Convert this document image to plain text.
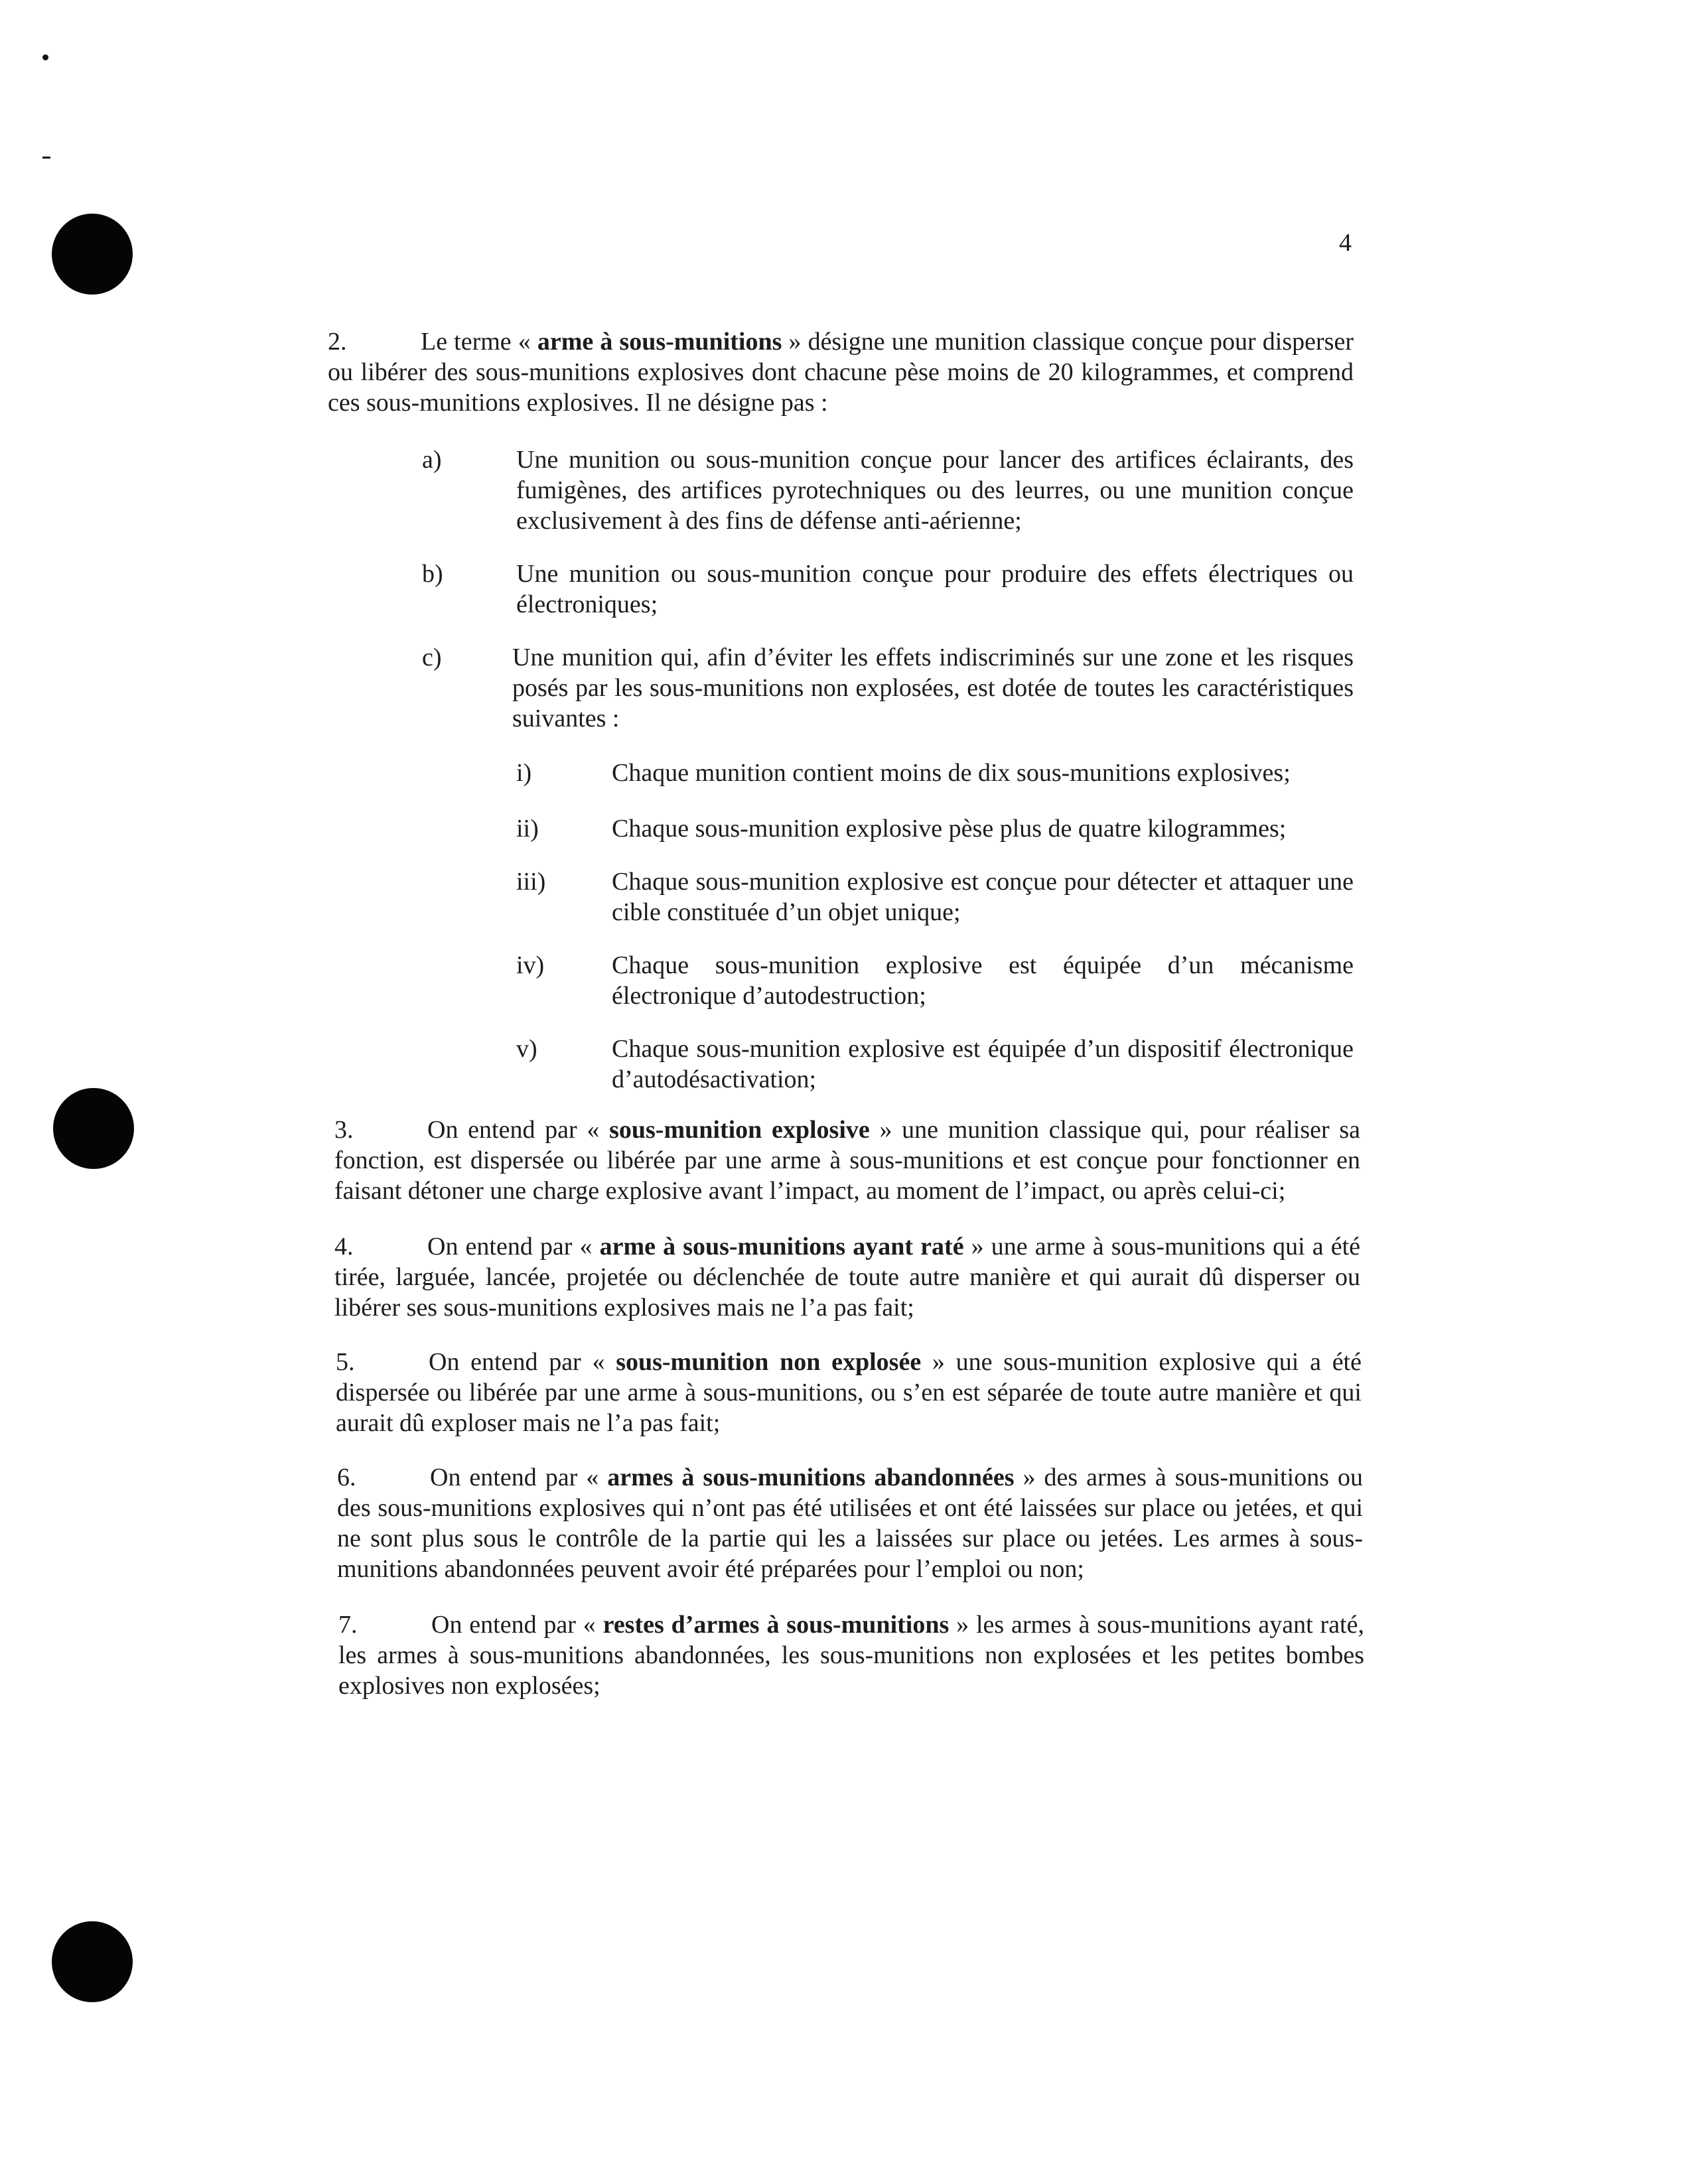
4

2.	Le terme « arme à sous-munitions » désigne une munition classique conçue pour disperser ou libérer des sous-munitions explosives dont chacune pèse moins de 20 kilogrammes, et comprend ces sous-munitions explosives. Il ne désigne pas :

a)	Une munition ou sous-munition conçue pour lancer des artifices éclairants, des fumigènes, des artifices pyrotechniques ou des leurres, ou une munition conçue exclusivement à des fins de défense anti-aérienne;

b)	Une munition ou sous-munition conçue pour produire des effets électriques ou électroniques;

c)	Une munition qui, afin d’éviter les effets indiscriminés sur une zone et les risques posés par les sous-munitions non explosées, est dotée de toutes les caractéristiques suivantes :

i)	Chaque munition contient moins de dix sous-munitions explosives;

ii)	Chaque sous-munition explosive pèse plus de quatre kilogrammes;

iii)	Chaque sous-munition explosive est conçue pour détecter et attaquer une cible constituée d’un objet unique;

iv)	Chaque sous-munition explosive est équipée d’un mécanisme électronique d’autodestruction;

v)	Chaque sous-munition explosive est équipée d’un dispositif électronique d’autodésactivation;

3.	On entend par « sous-munition explosive » une munition classique qui, pour réaliser sa fonction, est dispersée ou libérée par une arme à sous-munitions et est conçue pour fonctionner en faisant détoner une charge explosive avant l’impact, au moment de l’impact, ou après celui-ci;

4.	On entend par « arme à sous-munitions ayant raté » une arme à sous-munitions qui a été tirée, larguée, lancée, projetée ou déclenchée de toute autre manière et qui aurait dû disperser ou libérer ses sous-munitions explosives mais ne l’a pas fait;

5.	On entend par « sous-munition non explosée » une sous-munition explosive qui a été dispersée ou libérée par une arme à sous-munitions, ou s’en est séparée de toute autre manière et qui aurait dû exploser mais ne l’a pas fait;

6.	On entend par « armes à sous-munitions abandonnées » des armes à sous-munitions ou des sous-munitions explosives qui n’ont pas été utilisées et ont été laissées sur place ou jetées, et qui ne sont plus sous le contrôle de la partie qui les a laissées sur place ou jetées. Les armes à sous-munitions abandonnées peuvent avoir été préparées pour l’emploi ou non;

7.	On entend par « restes d’armes à sous-munitions » les armes à sous-munitions ayant raté, les armes à sous-munitions abandonnées, les sous-munitions non explosées et les petites bombes explosives non explosées;
